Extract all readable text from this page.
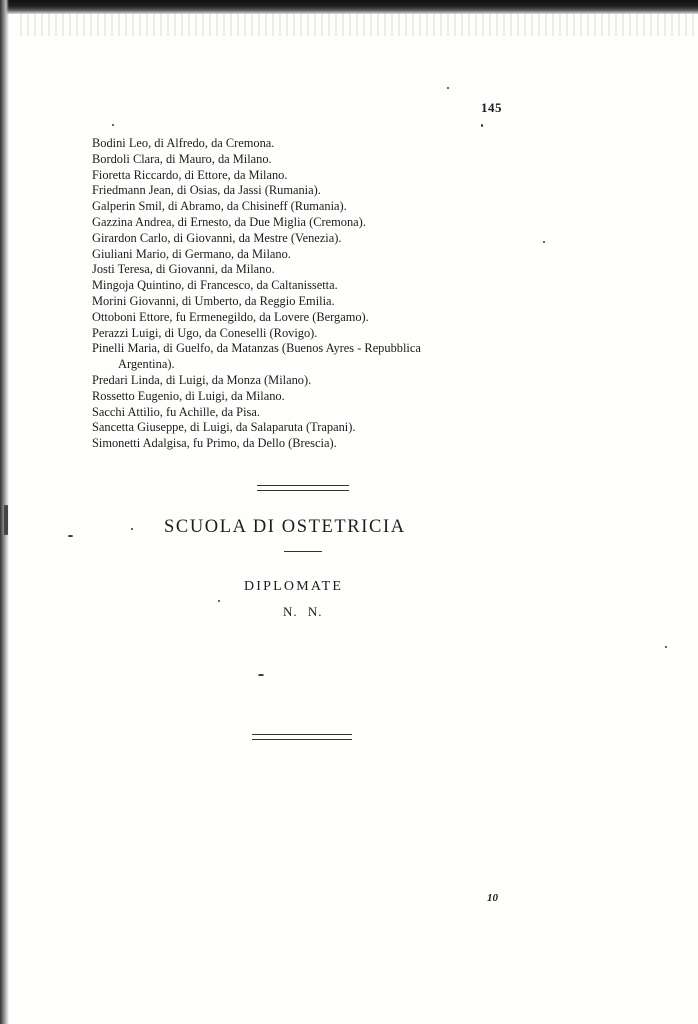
145
Bodini Leo, di Alfredo, da Cremona.
Bordoli Clara, di Mauro, da Milano.
Fioretta Riccardo, di Ettore, da Milano.
Friedmann Jean, di Osias, da Jassi (Rumania).
Galperin Smil, di Abramo, da Chisineff (Rumania).
Gazzina Andrea, di Ernesto, da Due Miglia (Cremona).
Girardon Carlo, di Giovanni, da Mestre (Venezia).
Giuliani Mario, di Germano, da Milano.
Josti Teresa, di Giovanni, da Milano.
Mingoja Quintino, di Francesco, da Caltanissetta.
Morini Giovanni, di Umberto, da Reggio Emilia.
Ottoboni Ettore, fu Ermenegildo, da Lovere (Bergamo).
Perazzi Luigi, di Ugo, da Coneselli (Rovigo).
Pinelli Maria, di Guelfo, da Matanzas (Buenos Ayres - Repubblica
Argentina).
Predari Linda, di Luigi, da Monza (Milano).
Rossetto Eugenio, di Luigi, da Milano.
Sacchi Attilio, fu Achille, da Pisa.
Sancetta Giuseppe, di Luigi, da Salaparuta (Trapani).
Simonetti Adalgisa, fu Primo, da Dello (Brescia).
SCUOLA DI OSTETRICIA
DIPLOMATE
N. N.
10
